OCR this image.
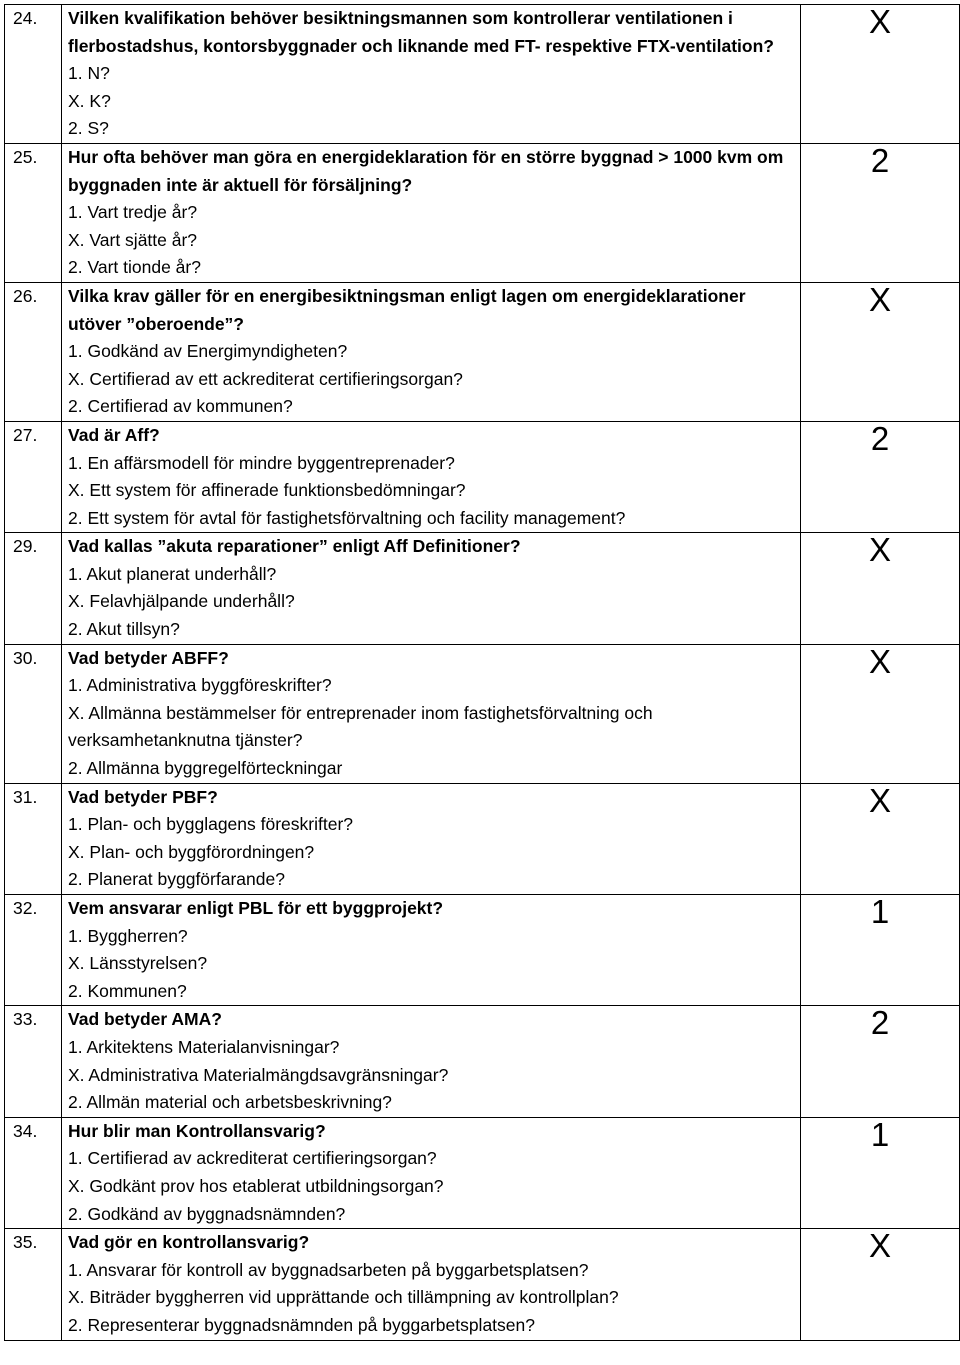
24.	Vilken kvalifikation behöver besiktningsmannen som kontrollerar ventilationen i flerbostadshus, kontorsbyggnader och liknande med FT- respektive FTX-ventilation?
1. N?
X. K?
2. S?	X

25.	Hur ofta behöver man göra en energideklaration för en större byggnad > 1000 kvm om byggnaden inte är aktuell för försäljning?
1. Vart tredje år?
X. Vart sjätte år?
2. Vart tionde år?	2

26.	Vilka krav gäller för en energibesiktningsman enligt lagen om energideklarationer utöver ”oberoende”?
1. Godkänd av Energimyndigheten?
X. Certifierad av ett ackrediterat certifieringsorgan?
2. Certifierad av kommunen?	X

27.	Vad är Aff?
1. En affärsmodell för mindre byggentreprenader?
X. Ett system för affinerade funktionsbedömningar?
2. Ett system för avtal för fastighetsförvaltning och facility management?	2

29.	Vad kallas ”akuta reparationer” enligt Aff Definitioner?
1. Akut planerat underhåll?
X. Felavhjälpande underhåll?
2. Akut tillsyn?	X

30.	Vad betyder ABFF?
1. Administrativa byggföreskrifter?
X. Allmänna bestämmelser för entreprenader inom fastighetsförvaltning och verksamhetanknutna tjänster?
2. Allmänna byggregelförteckningar	X

31.	Vad betyder PBF?
1. Plan- och bygglagens föreskrifter?
X. Plan- och byggförordningen?
2. Planerat byggförfarande?	X

32.	Vem ansvarar enligt PBL för ett byggprojekt?
1. Byggherren?
X. Länsstyrelsen?
2. Kommunen?	1

33.	Vad betyder AMA?
1. Arkitektens Materialanvisningar?
X. Administrativa Materialmängdsavgränsningar?
2. Allmän material och arbetsbeskrivning?	2

34.	Hur blir man Kontrollansvarig?
1. Certifierad av ackrediterat certifieringsorgan?
X. Godkänt prov hos etablerat utbildningsorgan?
2. Godkänd av byggnadsnämnden?	1

35.	Vad gör en kontrollansvarig?
1. Ansvarar för kontroll av byggnadsarbeten på byggarbetsplatsen?
X. Biträder byggherren vid upprättande och tillämpning av kontrollplan?
2. Representerar byggnadsnämnden på byggarbetsplatsen?	X
